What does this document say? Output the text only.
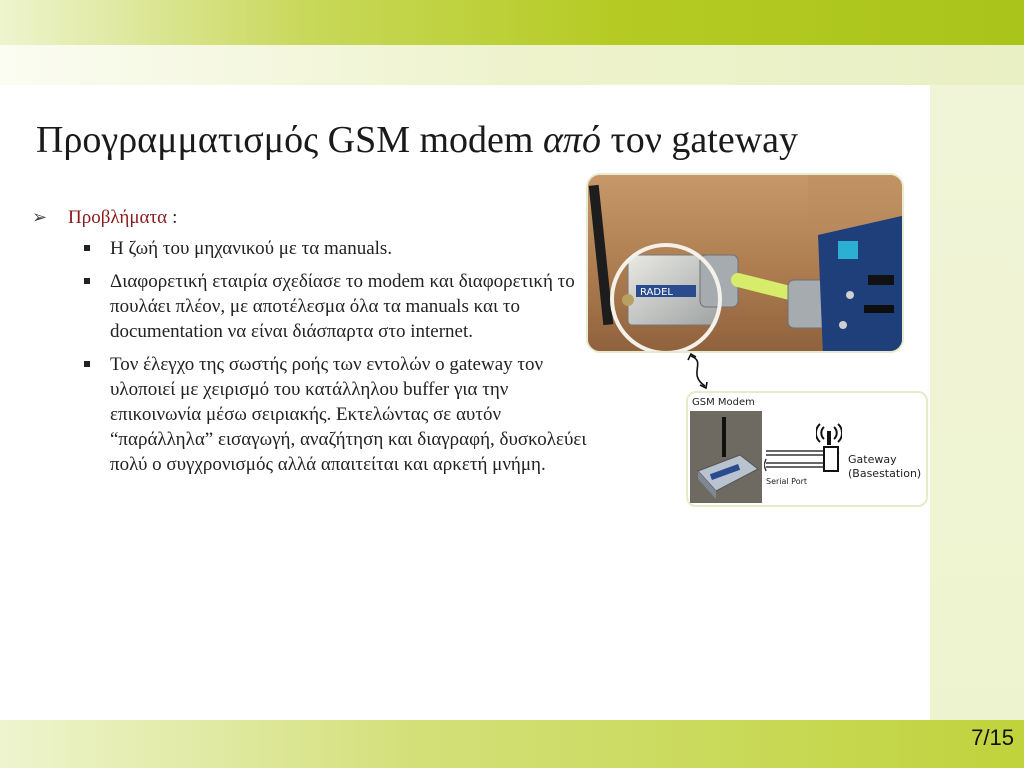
Προγραμματισμός GSM modem από τον gateway
➢ Προβλήματα :
Η ζωή του μηχανικού με τα manuals.
Διαφορετική εταιρία σχεδίασε το modem και διαφορετική το πουλάει πλέον, με αποτέλεσμα όλα τα manuals και το documentation να είναι διάσπαρτα στο internet.
Τον έλεγχο της σωστής ροής των εντολών ο gateway τον υλοποιεί με χειρισμό του κατάλληλου buffer για την επικοινωνία μέσω σειριακής. Εκτελώντας σε αυτόν “παράλληλα” εισαγωγή, αναζήτηση και διαγραφή, δυσκολεύει πολύ ο συγχρονισμός αλλά απαιτείται και αρκετή μνήμη.
RADEL
GSM Modem
Serial Port
Gateway
(Basestation)
7/15
